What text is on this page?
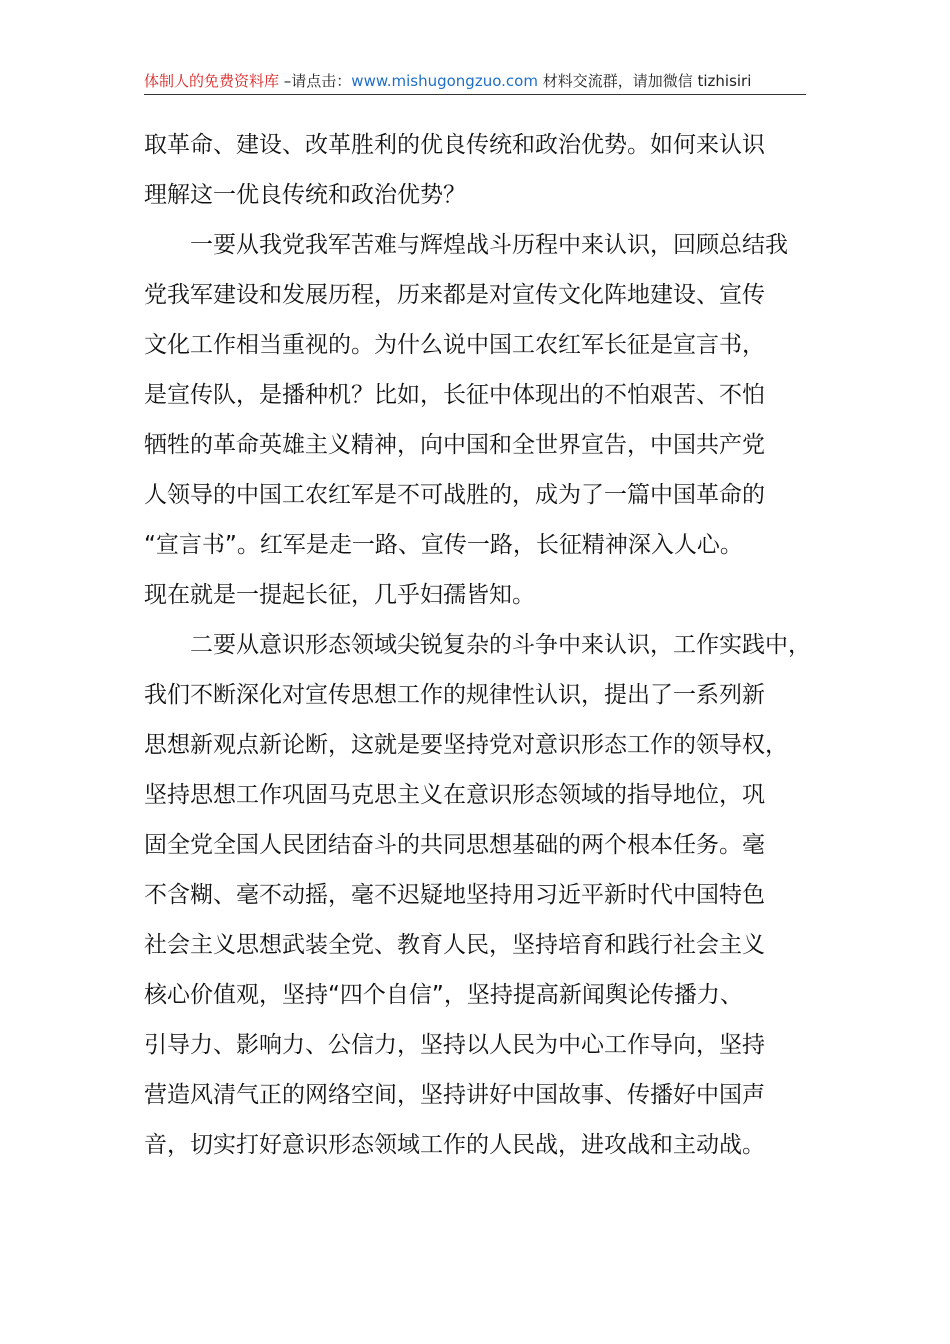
体制人的免费资料库 –请点击：www.mishugongzuo.com 材料交流群，请加微信 tizhisiri
取革命、建设、改革胜利的优良传统和政治优势。如何来认识
理解这一优良传统和政治优势？
　　一要从我党我军苦难与辉煌战斗历程中来认识，回顾总结我
党我军建设和发展历程，历来都是对宣传文化阵地建设、宣传
文化工作相当重视的。为什么说中国工农红军长征是宣言书，
是宣传队，是播种机？比如，长征中体现出的不怕艰苦、不怕
牺牲的革命英雄主义精神，向中国和全世界宣告，中国共产党
人领导的中国工农红军是不可战胜的，成为了一篇中国革命的
“宣言书”。红军是走一路、宣传一路，长征精神深入人心。
现在就是一提起长征，几乎妇孺皆知。
　　二要从意识形态领域尖锐复杂的斗争中来认识，工作实践中，
我们不断深化对宣传思想工作的规律性认识，提出了一系列新
思想新观点新论断，这就是要坚持党对意识形态工作的领导权，
坚持思想工作巩固马克思主义在意识形态领域的指导地位，巩
固全党全国人民团结奋斗的共同思想基础的两个根本任务。毫
不含糊、毫不动摇，毫不迟疑地坚持用习近平新时代中国特色
社会主义思想武装全党、教育人民，坚持培育和践行社会主义
核心价值观，坚持“四个自信”，坚持提高新闻舆论传播力、
引导力、影响力、公信力，坚持以人民为中心工作导向，坚持
营造风清气正的网络空间，坚持讲好中国故事、传播好中国声
音，切实打好意识形态领域工作的人民战，进攻战和主动战。
